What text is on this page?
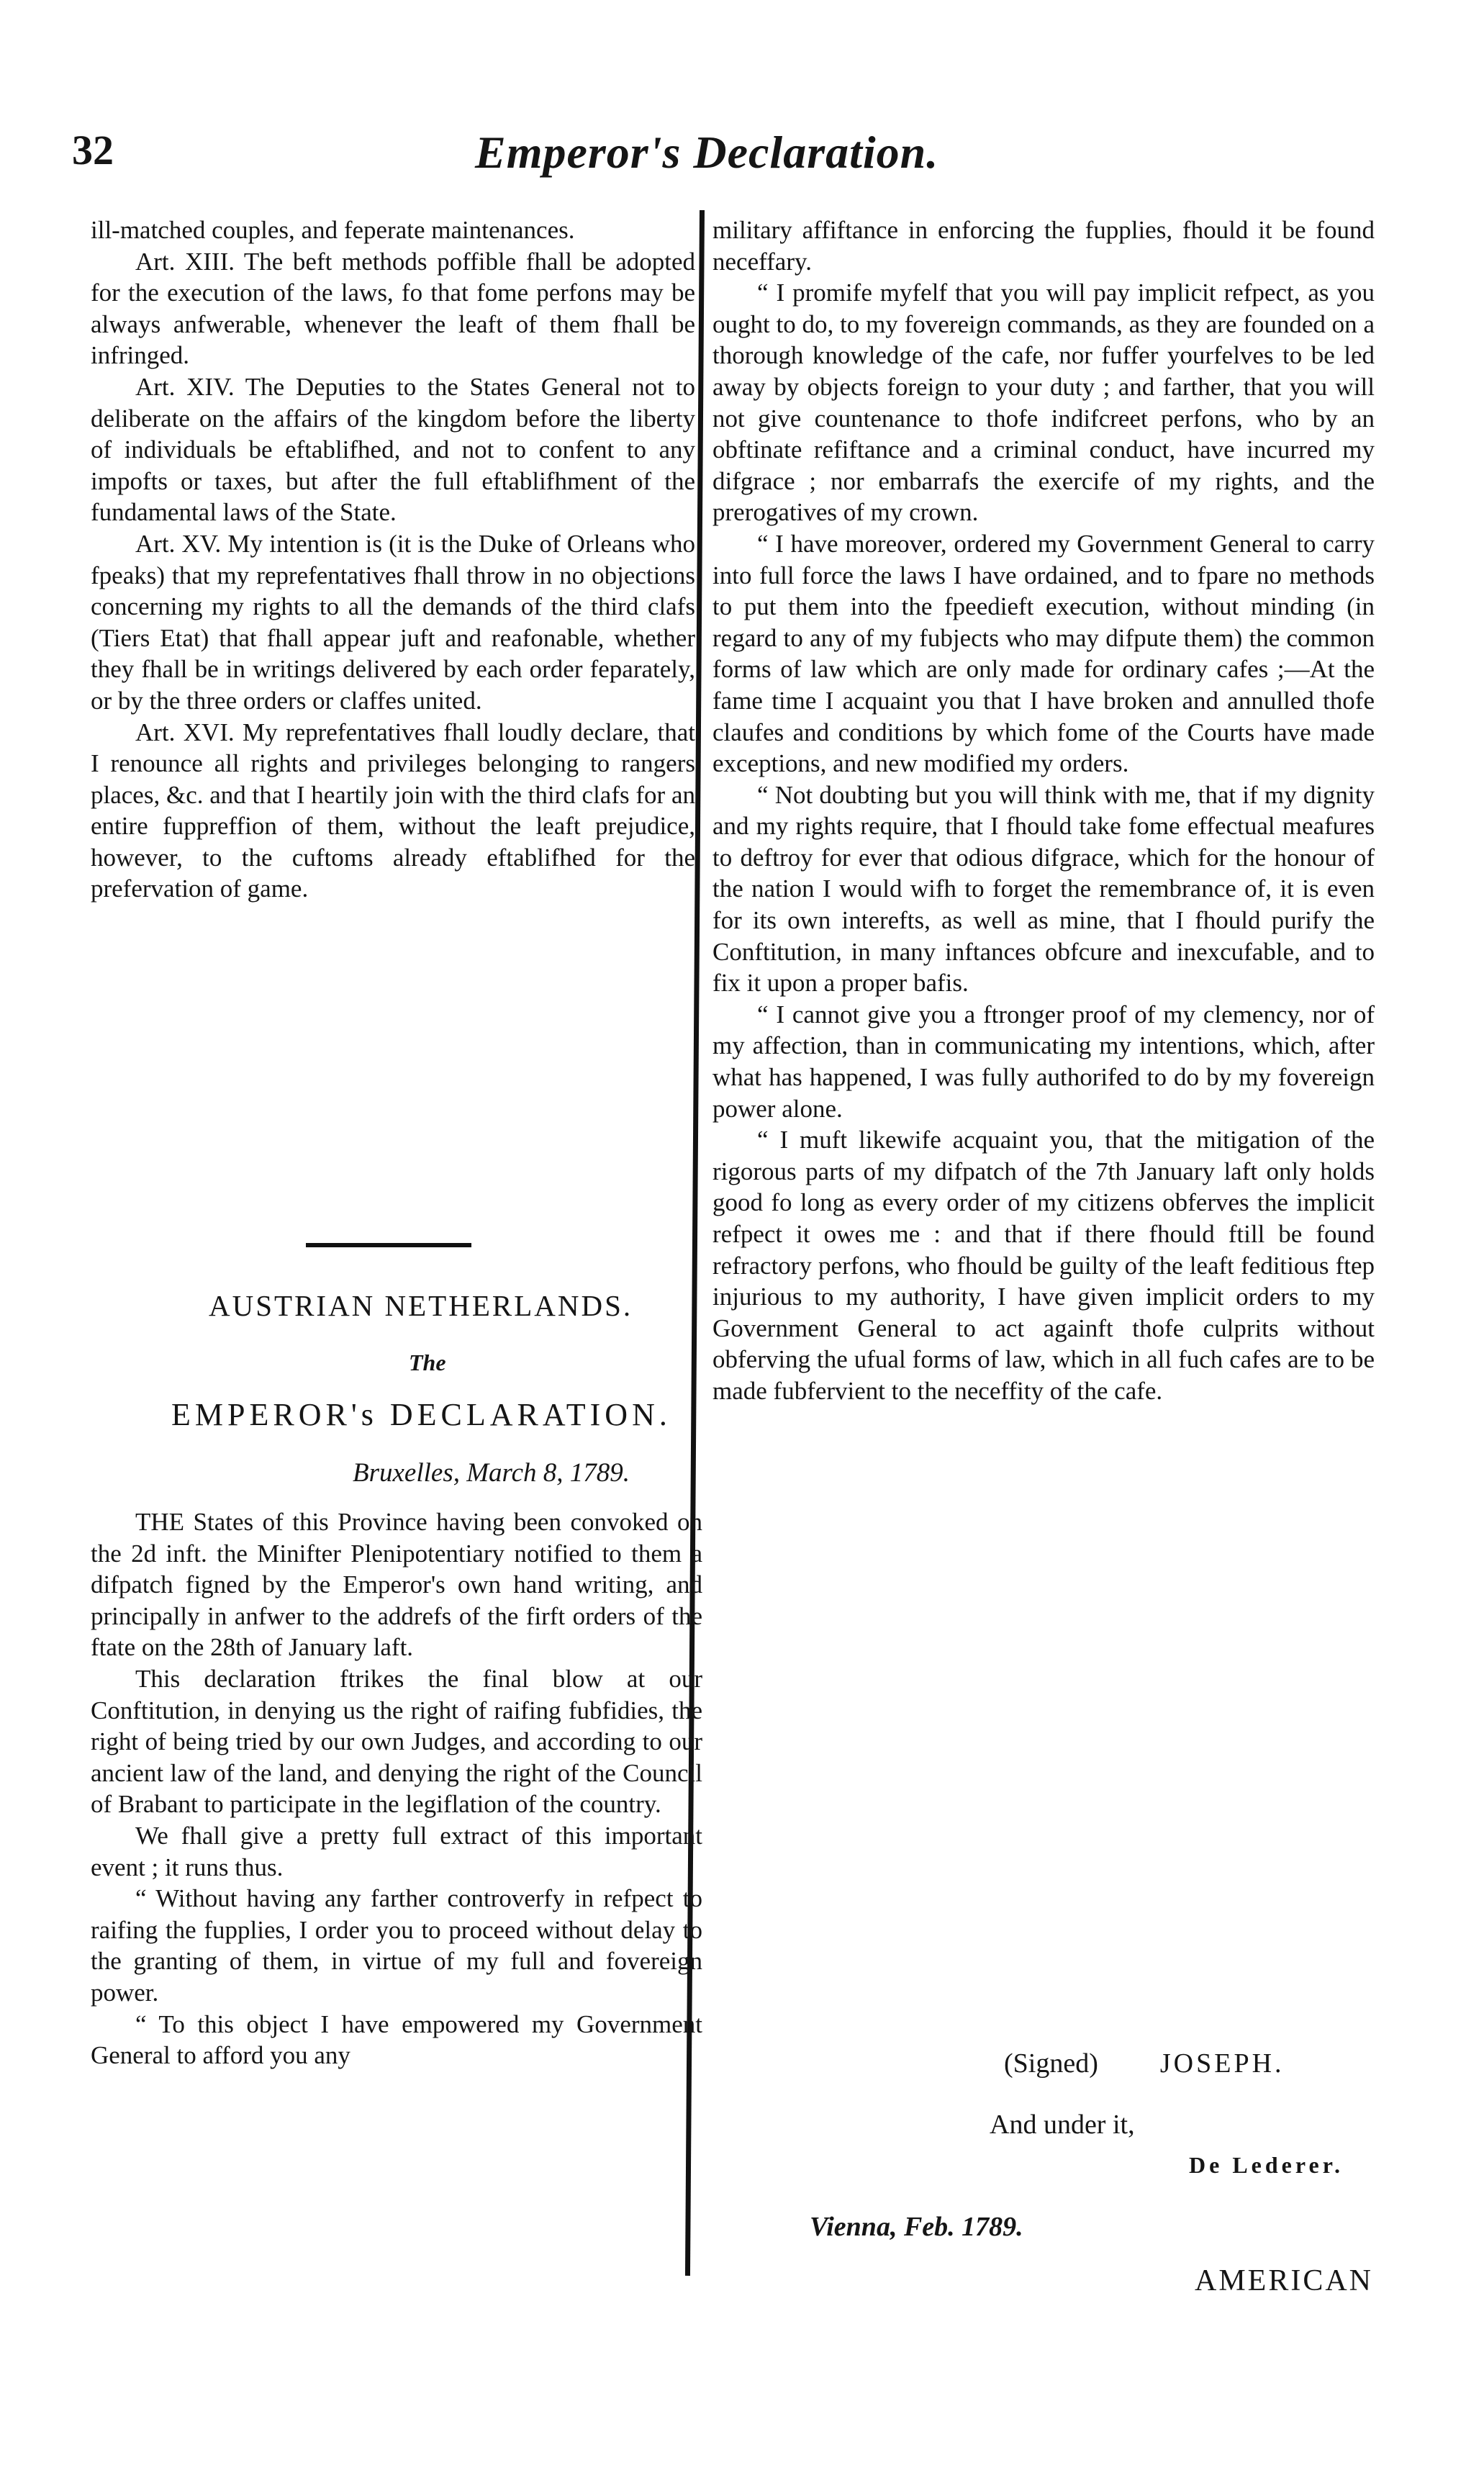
32	Emperor's Declaration.

ill-matched couples, and feperate maintenances.

Art. XIII. The beft methods poffible fhall be adopted for the execution of the laws, fo that fome perfons may be always anfwerable, whenever the leaft of them fhall be infringed.

Art. XIV. The Deputies to the States General not to deliberate on the affairs of the kingdom before the liberty of individuals be eftablifhed, and not to confent to any impofts or taxes, but after the full eftablifhment of the fundamental laws of the State.

Art. XV. My intention is (it is the Duke of Orleans who fpeaks) that my reprefentatives fhall throw in no objections concerning my rights to all the demands of the third clafs (Tiers Etat) that fhall appear juft and reafonable, whether they fhall be in writings delivered by each order feparately, or by the three orders or claffes united.

Art. XVI. My reprefentatives fhall loudly declare, that I renounce all rights and privileges belonging to rangers places, &c. and that I heartily join with the third clafs for an entire fuppreffion of them, without the leaft prejudice, however, to the cuftoms already eftablifhed for the prefervation of game.

AUSTRIAN NETHERLANDS.
The
EMPEROR's DECLARATION.
Bruxelles, March 8, 1789.

THE States of this Province having been convoked on the 2d inft. the Minifter Plenipotentiary notified to them a difpatch figned by the Emperor's own hand writing, and principally in anfwer to the addrefs of the firft orders of the ftate on the 28th of January laft.

This declaration ftrikes the final blow at our Conftitution, in denying us the right of raifing fubfidies, the right of being tried by our own Judges, and according to our ancient law of the land, and denying the right of the Council of Brabant to participate in the legiflation of the country.

We fhall give a pretty full extract of this important event ; it runs thus.

“ Without having any farther controverfy in refpect to raifing the fupplies, I order you to proceed without delay to the granting of them, in virtue of my full and fovereign power.

“ To this object I have empowered my Government General to afford you any

military affiftance in enforcing the fupplies, fhould it be found neceffary.

“ I promife myfelf that you will pay implicit refpect, as you ought to do, to my fovereign commands, as they are founded on a thorough knowledge of the cafe, nor fuffer yourfelves to be led away by objects foreign to your duty ; and farther, that you will not give countenance to thofe indifcreet perfons, who by an obftinate refiftance and a criminal conduct, have incurred my difgrace ; nor embarrafs the exercife of my rights, and the prerogatives of my crown.

“ I have moreover, ordered my Government General to carry into full force the laws I have ordained, and to fpare no methods to put them into the fpeedieft execution, without minding (in regard to any of my fubjects who may difpute them) the common forms of law which are only made for ordinary cafes ;—At the fame time I acquaint you that I have broken and annulled thofe claufes and conditions by which fome of the Courts have made exceptions, and new modified my orders.

“ Not doubting but you will think with me, that if my dignity and my rights require, that I fhould take fome effectual meafures to deftroy for ever that odious difgrace, which for the honour of the nation I would wifh to forget the remembrance of, it is even for its own interefts, as well as mine, that I fhould purify the Conftitution, in many inftances obfcure and inexcufable, and to fix it upon a proper bafis.

“ I cannot give you a ftronger proof of my clemency, nor of my affection, than in communicating my intentions, which, after what has happened, I was fully authorifed to do by my fovereign power alone.

“ I muft likewife acquaint you, that the mitigation of the rigorous parts of my difpatch of the 7th January laft only holds good fo long as every order of my citizens obferves the implicit refpect it owes me : and that if there fhould ftill be found refractory perfons, who fhould be guilty of the leaft feditious ftep injurious to my authority, I have given implicit orders to my Government General to act againft thofe culprits without obferving the ufual forms of law, which in all fuch cafes are to be made fubfervient to the neceffity of the cafe.

(Signed) JOSEPH.
And under it,
De Lederer.
Vienna, Feb. 1789.
AMERICAN
